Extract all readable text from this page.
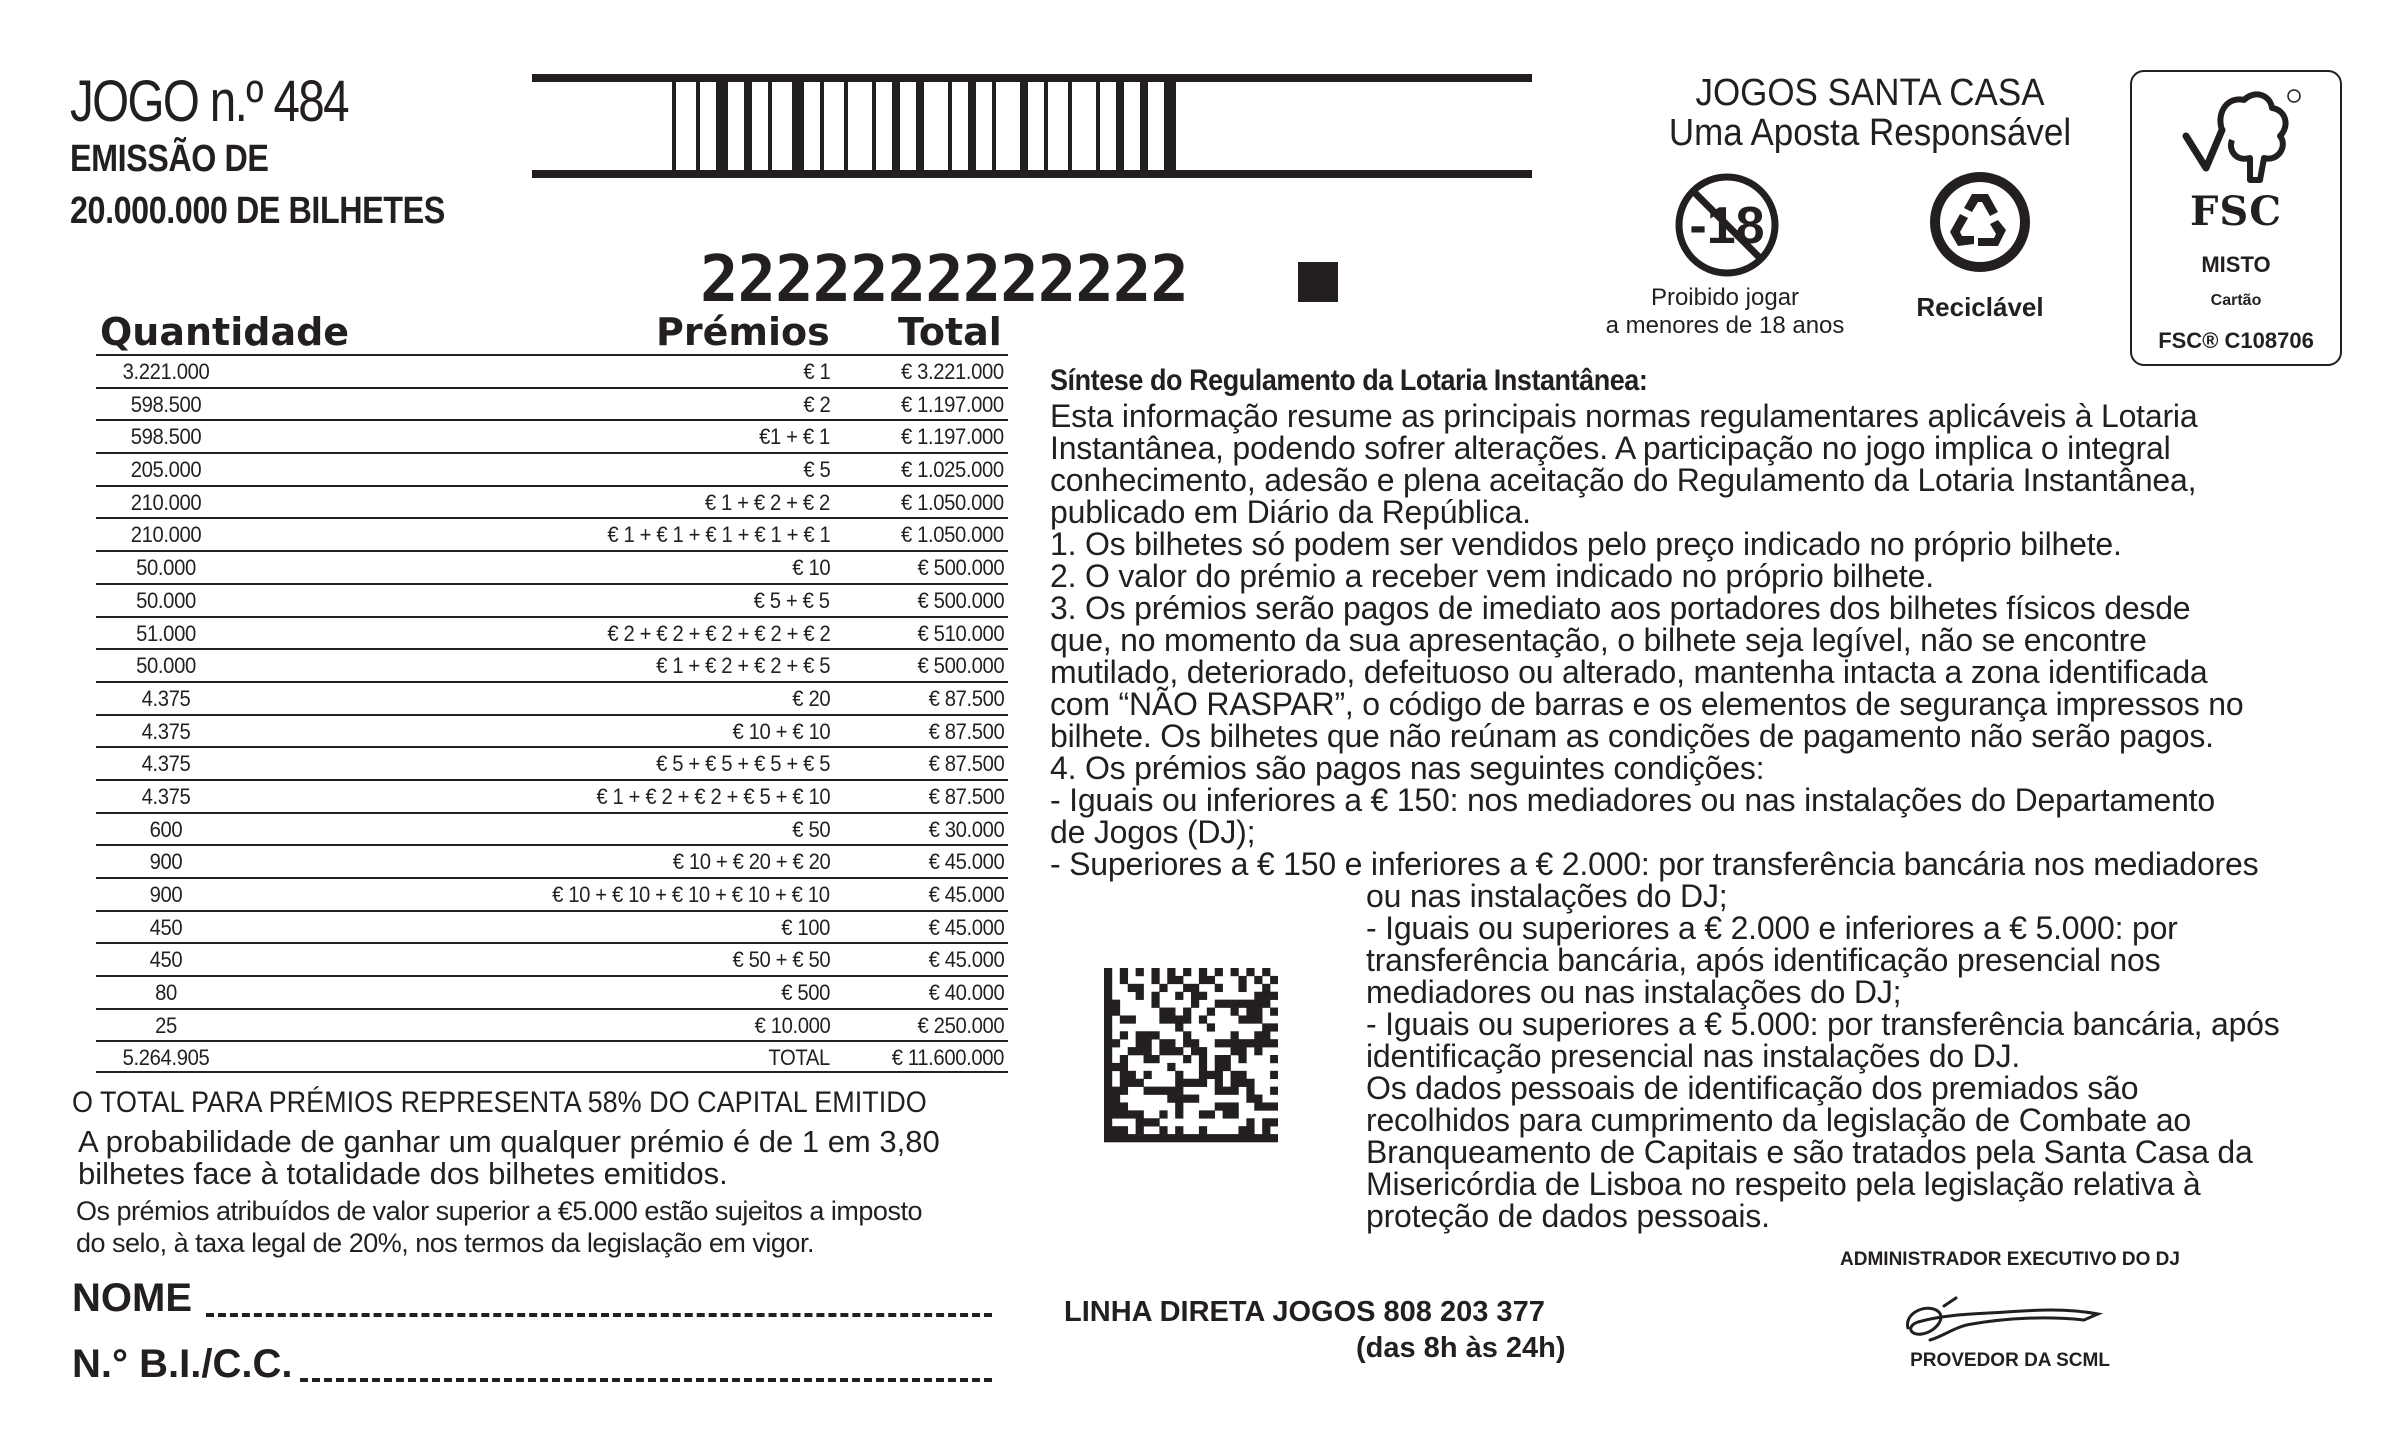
JOGO n.º 484
EMISSÃO DE
20.000.000 DE BILHETES
2222222222222
JOGOS SANTA CASA
Uma Aposta Responsável
-18
Proibido jogar
a menores de 18 anos
Reciclável
FSC
MISTO
Cartão
FSC® C108706
Quantidade	Prémios Total
3.221.000	€ 1	€ 3.221.000
598.500	€ 2	€ 1.197.000
598.500	€1 + € 1	€ 1.197.000
205.000	€ 5	€ 1.025.000
210.000	€ 1 + € 2 + € 2	€ 1.050.000
210.000	€ 1 + € 1 + € 1 + € 1 + € 1	€ 1.050.000
50.000	€ 10	€ 500.000
50.000	€ 5 + € 5	€ 500.000
51.000	€ 2 + € 2 + € 2 + € 2 + € 2	€ 510.000
50.000	€ 1 + € 2 + € 2 + € 5	€ 500.000
4.375	€ 20	€ 87.500
4.375	€ 10 + € 10	€ 87.500
4.375	€ 5 + € 5 + € 5 + € 5	€ 87.500
4.375	€ 1 + € 2 + € 2 + € 5 + € 10	€ 87.500
600	€ 50	€ 30.000
900	€ 10 + € 20 + € 20	€ 45.000
900	€ 10 + € 10 + € 10 + € 10 + € 10	€ 45.000
450	€ 100	€ 45.000
450	€ 50 + € 50	€ 45.000
80	€ 500	€ 40.000
25	€ 10.000	€ 250.000
5.264.905	TOTAL	€ 11.600.000
O TOTAL PARA PRÉMIOS REPRESENTA 58% DO CAPITAL EMITIDO
A probabilidade de ganhar um qualquer prémio é de 1 em 3,80
bilhetes face à totalidade dos bilhetes emitidos.
Os prémios atribuídos de valor superior a €5.000 estão sujeitos a imposto
do selo, à taxa legal de 20%, nos termos da legislação em vigor.
NOME
N.° B.I./C.C.
Síntese do Regulamento da Lotaria Instantânea:
Esta informação resume as principais normas regulamentares aplicáveis à Lotaria
Instantânea, podendo sofrer alterações. A participação no jogo implica o integral
conhecimento, adesão e plena aceitação do Regulamento da Lotaria Instantânea,
publicado em Diário da República.
1. Os bilhetes só podem ser vendidos pelo preço indicado no próprio bilhete.
2. O valor do prémio a receber vem indicado no próprio bilhete.
3. Os prémios serão pagos de imediato aos portadores dos bilhetes físicos desde
que, no momento da sua apresentação, o bilhete seja legível, não se encontre
mutilado, deteriorado, defeituoso ou alterado, mantenha intacta a zona identificada
com “NÃO RASPAR”, o código de barras e os elementos de segurança impressos no
bilhete. Os bilhetes que não reúnam as condições de pagamento não serão pagos.
4. Os prémios são pagos nas seguintes condições:
- Iguais ou inferiores a € 150: nos mediadores ou nas instalações do Departamento
de Jogos (DJ);
- Superiores a € 150 e inferiores a € 2.000: por transferência bancária nos mediadores
ou nas instalações do DJ;
- Iguais ou superiores a € 2.000 e inferiores a € 5.000: por
transferência bancária, após identificação presencial nos
mediadores ou nas instalações do DJ;
- Iguais ou superiores a € 5.000: por transferência bancária, após
identificação presencial nas instalações do DJ.
Os dados pessoais de identificação dos premiados são
recolhidos para cumprimento da legislação de Combate ao
Branqueamento de Capitais e são tratados pela Santa Casa da
Misericórdia de Lisboa no respeito pela legislação relativa à
proteção de dados pessoais.
ADMINISTRADOR EXECUTIVO DO DJ
PROVEDOR DA SCML
LINHA DIRETA JOGOS 808 203 377
(das 8h às 24h)
